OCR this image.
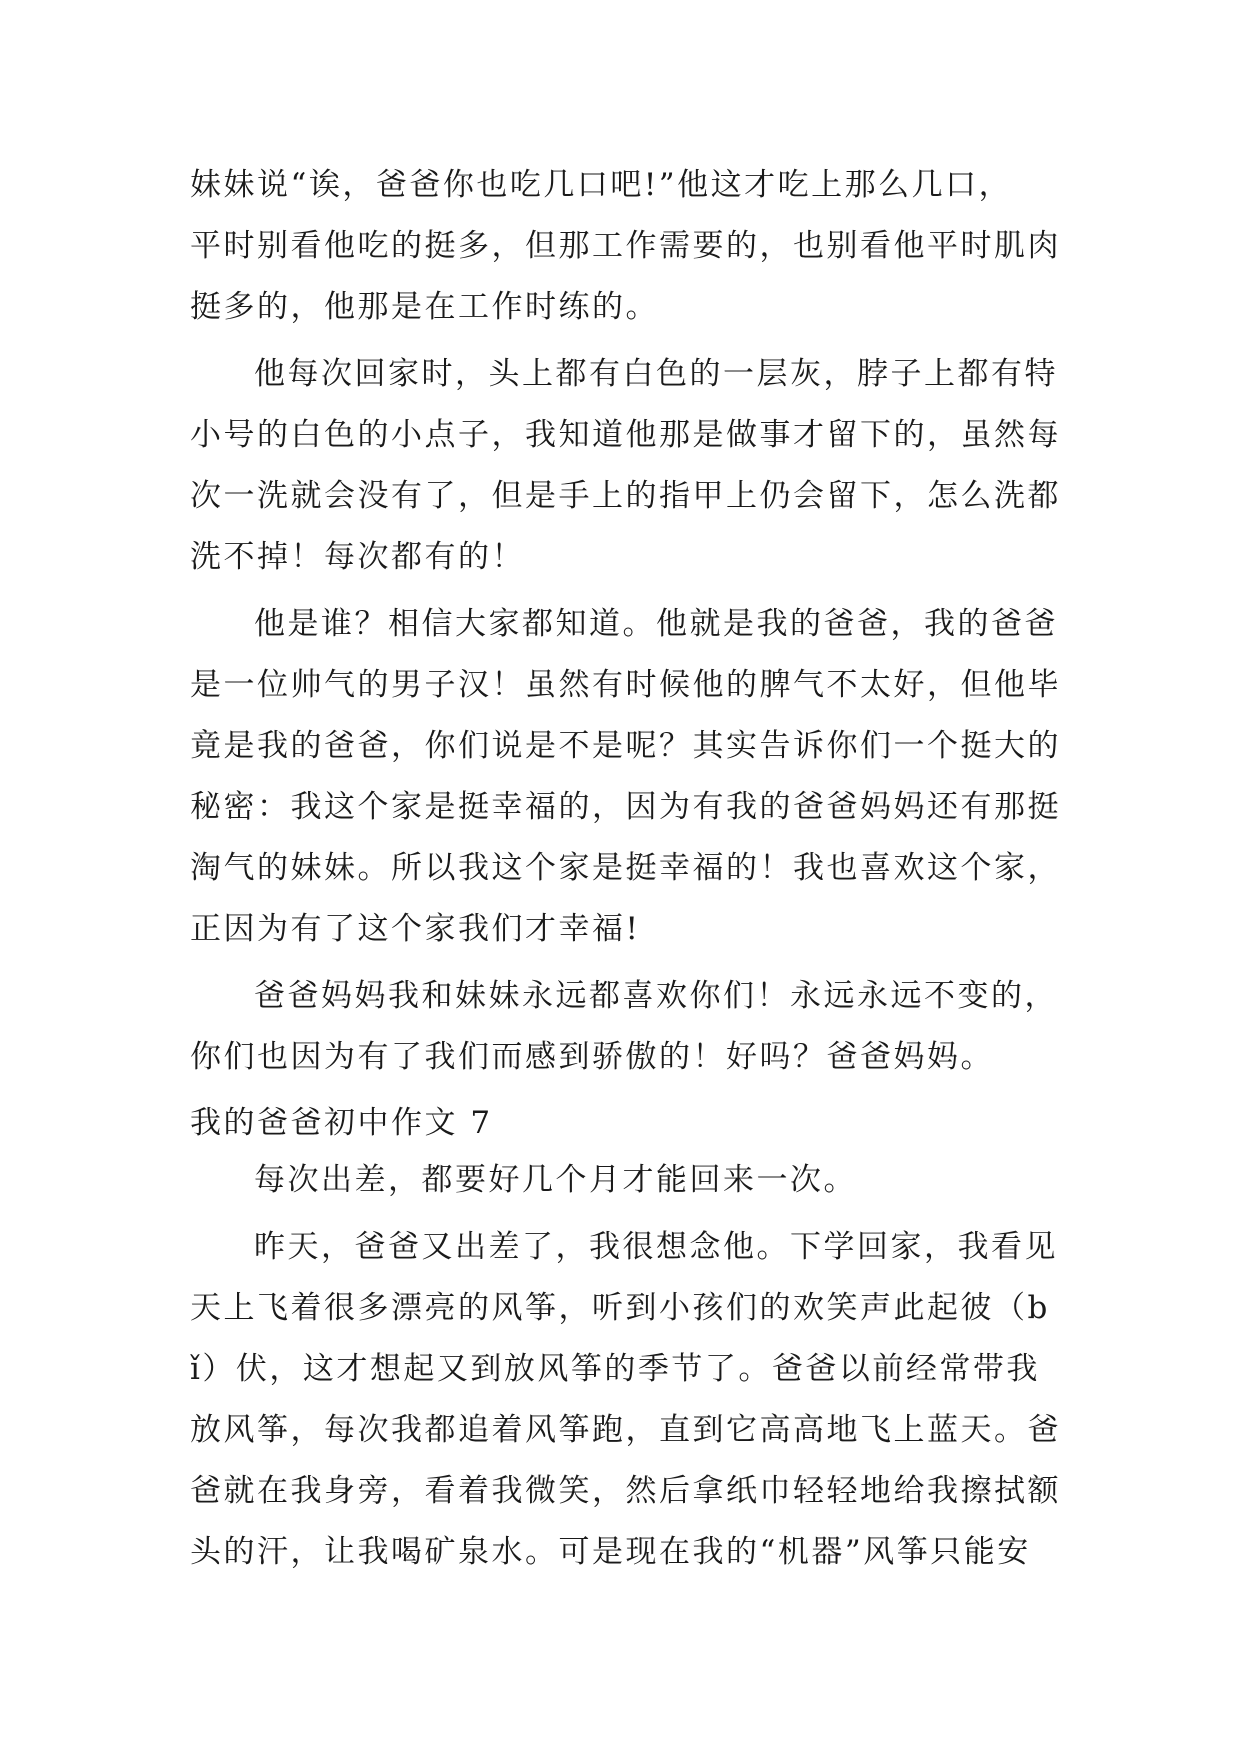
妹妹说“诶，爸爸你也吃几口吧!”他这才吃上那么几口，
平时别看他吃的挺多，但那工作需要的，也别看他平时肌肉
挺多的，他那是在工作时练的。
他每次回家时，头上都有白色的一层灰，脖子上都有特
小号的白色的小点子，我知道他那是做事才留下的，虽然每
次一洗就会没有了，但是手上的指甲上仍会留下，怎么洗都
洗不掉！每次都有的！
他是谁？相信大家都知道。他就是我的爸爸，我的爸爸
是一位帅气的男子汉！虽然有时候他的脾气不太好，但他毕
竟是我的爸爸，你们说是不是呢？其实告诉你们一个挺大的
秘密：我这个家是挺幸福的，因为有我的爸爸妈妈还有那挺
淘气的妹妹。所以我这个家是挺幸福的！我也喜欢这个家，
正因为有了这个家我们才幸福!
爸爸妈妈我和妹妹永远都喜欢你们！永远永远不变的，
你们也因为有了我们而感到骄傲的！好吗？爸爸妈妈。
我的爸爸初中作文 7
每次出差，都要好几个月才能回来一次。
昨天，爸爸又出差了，我很想念他。下学回家，我看见
天上飞着很多漂亮的风筝，听到小孩们的欢笑声此起彼（b
ǐ）伏，这才想起又到放风筝的季节了。爸爸以前经常带我
放风筝，每次我都追着风筝跑，直到它高高地飞上蓝天。爸
爸就在我身旁，看着我微笑，然后拿纸巾轻轻地给我擦拭额
头的汗，让我喝矿泉水。可是现在我的“机器”风筝只能安
